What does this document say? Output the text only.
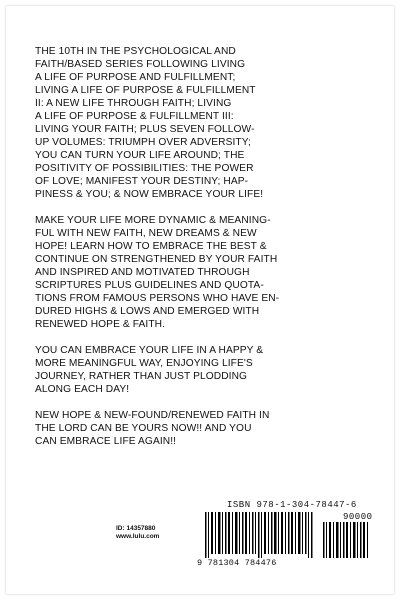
THE 10TH IN THE PSYCHOLOGICAL AND
FAITH/BASED SERIES FOLLOWING LIVING
A LIFE OF PURPOSE AND FULFILLMENT;
LIVING A LIFE OF PURPOSE & FULFILLMENT
II: A NEW LIFE THROUGH FAITH; LIVING
A LIFE OF PURPOSE & FULFILLMENT III:
LIVING YOUR FAITH; PLUS SEVEN FOLLOW-
UP VOLUMES: TRIUMPH OVER ADVERSITY;
YOU CAN TURN YOUR LIFE AROUND; THE
POSITIVITY OF POSSIBILITIES: THE POWER
OF LOVE; MANIFEST YOUR DESTINY; HAP-
PINESS & YOU; & NOW EMBRACE YOUR LIFE!

MAKE YOUR LIFE MORE DYNAMIC & MEANING-
FUL WITH NEW FAITH, NEW DREAMS & NEW
HOPE! LEARN HOW TO EMBRACE THE BEST &
CONTINUE ON STRENGTHENED BY YOUR FAITH
AND INSPIRED AND MOTIVATED THROUGH
SCRIPTURES PLUS GUIDELINES AND QUOTA-
TIONS FROM FAMOUS PERSONS WHO HAVE EN-
DURED HIGHS & LOWS AND EMERGED WITH
RENEWED HOPE & FAITH.

YOU CAN EMBRACE YOUR LIFE IN A HAPPY &
MORE MEANINGFUL WAY, ENJOYING LIFE'S
JOURNEY, RATHER THAN JUST PLODDING
ALONG EACH DAY!

NEW HOPE & NEW-FOUND/RENEWED FAITH IN
THE LORD CAN BE YOURS NOW!! AND YOU
CAN EMBRACE LIFE AGAIN!!

ID: 14357880
www.lulu.com
ISBN 978-1-304-78447-6
90000
9 781304 784476
